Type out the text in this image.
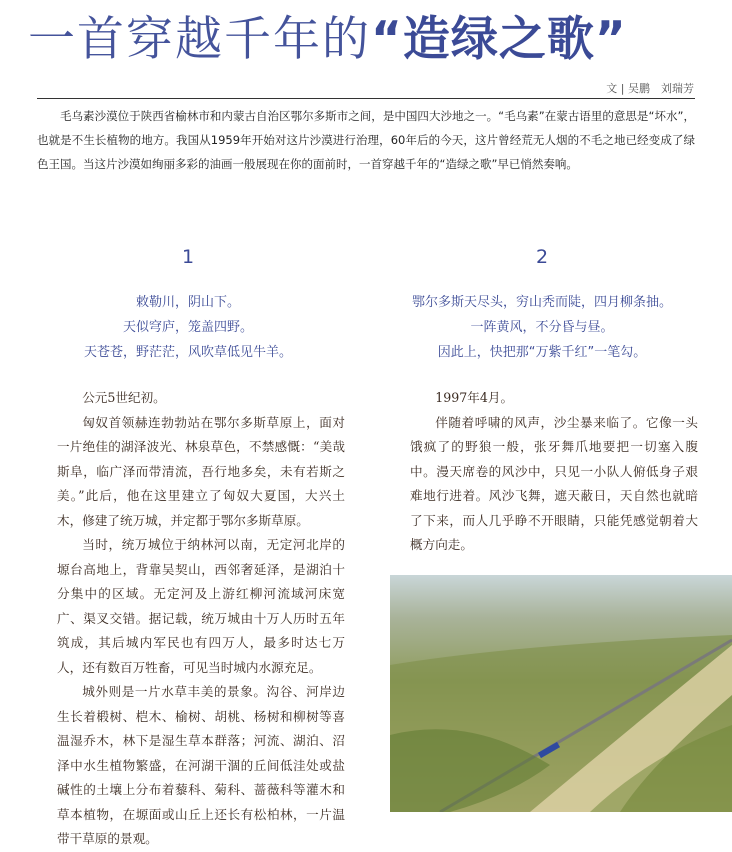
一首穿越千年的“造绿之歌”
文 | 吴鹏　刘瑞芳
毛乌素沙漠位于陕西省榆林市和内蒙古自治区鄂尔多斯市之间，是中国四大沙地之一。“毛乌素”在蒙古语里的意思是“坏水”，也就是不生长植物的地方。我国从1959年开始对这片沙漠进行治理，60年后的今天，这片曾经荒无人烟的不毛之地已经变成了绿色王国。当这片沙漠如绚丽多彩的油画一般展现在你的面前时，一首穿越千年的“造绿之歌”早已悄然奏响。
1	2
敕勒川，阴山下。
天似穹庐，笼盖四野。
天苍苍，野茫茫，风吹草低见牛羊。
鄂尔多斯天尽头，穷山秃而陡，四月柳条抽。
一阵黄风，不分昏与昼。
因此上，快把那“万紫千红”一笔勾。

公元5世纪初。

匈奴首领赫连勃勃站在鄂尔多斯草原上，面对一片绝佳的湖泽波光、林泉草色，不禁感慨：“美哉斯阜，临广泽而带清流，吾行地多矣，未有若斯之美。”此后，他在这里建立了匈奴大夏国，大兴土木，修建了统万城，并定都于鄂尔多斯草原。

当时，统万城位于纳林河以南，无定河北岸的塬台高地上，背靠吴契山，西邻奢延泽，是湖泊十分集中的区域。无定河及上游红柳河流域河床宽广、渠叉交错。据记载，统万城由十万人历时五年筑成，其后城内军民也有四万人，最多时达七万人，还有数百万牲畜，可见当时城内水源充足。

城外则是一片水草丰美的景象。沟谷、河岸边生长着椴树、桤木、榆树、胡桃、杨树和柳树等喜温湿乔木，林下是湿生草本群落；河流、湖泊、沼泽中水生植物繁盛，在河湖干涸的丘间低洼处或盐碱性的土壤上分布着藜科、菊科、蔷薇科等灌木和草本植物，在塬面或山丘上还长有松柏林，一片温带干草原的景观。

1997年4月。

伴随着呼啸的风声，沙尘暴来临了。它像一头饿疯了的野狼一般，张牙舞爪地要把一切塞入腹中。漫天席卷的风沙中，只见一小队人俯低身子艰难地行进着。风沙飞舞，遮天蔽日，天自然也就暗了下来，而人几乎睁不开眼睛，只能凭感觉朝着大概方向走。
